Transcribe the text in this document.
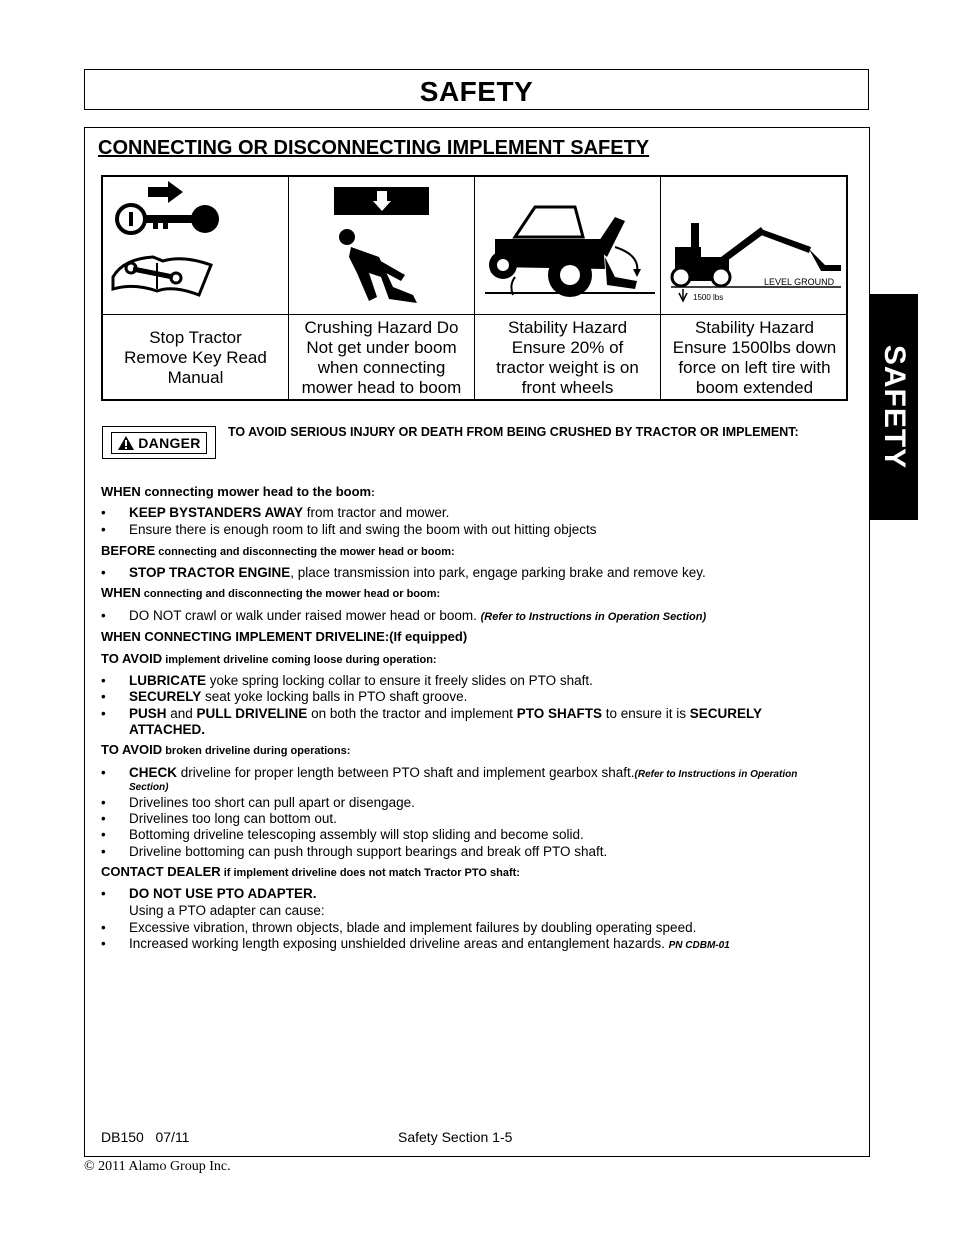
SAFETY
SAFETY
CONNECTING OR DISCONNECTING IMPLEMENT SAFETY
LEVEL GROUND
1500 lbs
Stop Tractor
Remove Key Read
Manual
Crushing Hazard Do
Not get under boom
when connecting
mower head to boom
Stability Hazard
Ensure 20% of
tractor weight is on
front wheels
Stability Hazard
Ensure 1500lbs down
force on left tire with
boom extended
DANGER
TO AVOID SERIOUS INJURY OR DEATH FROM BEING CRUSHED BY TRACTOR OR IMPLEMENT:
WHEN connecting mower head to the boom:
• KEEP BYSTANDERS AWAY from tractor and mower.
• Ensure there is enough room to lift and swing the boom with out hitting objects
BEFORE connecting and disconnecting the mower head or boom:
• STOP TRACTOR ENGINE, place transmission into park, engage parking brake and remove key.
WHEN connecting and disconnecting the mower head or boom:
• DO NOT crawl or walk under raised mower head or boom. (Refer to Instructions in Operation Section)
WHEN CONNECTING IMPLEMENT DRIVELINE:(If equipped)
TO AVOID implement driveline coming loose during operation:
• LUBRICATE yoke spring locking collar to ensure it freely slides on PTO shaft.
• SECURELY seat yoke locking balls in PTO shaft groove.
• PUSH and PULL DRIVELINE on both the tractor and implement PTO SHAFTS to ensure it is SECURELY
ATTACHED.
TO AVOID broken driveline during operations:
• CHECK driveline for proper length between PTO shaft and implement gearbox shaft.(Refer to Instructions in Operation
Section)
• Drivelines too short can pull apart or disengage.
• Drivelines too long can bottom out.
• Bottoming driveline telescoping assembly will stop sliding and become solid.
• Driveline bottoming can push through support bearings and break off PTO shaft.
CONTACT DEALER if implement driveline does not match Tractor PTO shaft:
• DO NOT USE PTO ADAPTER.
Using a PTO adapter can cause:
• Excessive vibration, thrown objects, blade and implement failures by doubling operating speed.
• Increased working length exposing unshielded driveline areas and entanglement hazards. PN CDBM-01
DB150   07/11	Safety Section 1-5
© 2011 Alamo Group Inc.
